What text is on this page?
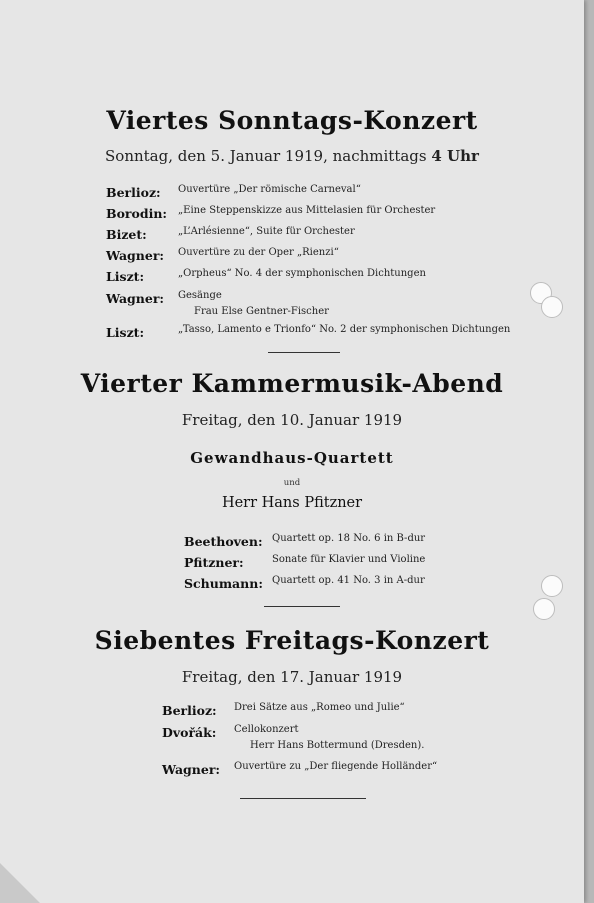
Viertes Sonntags-Konzert
Sonntag, den 5. Januar 1919, nachmittags 4 Uhr
Berlioz: Ouvertüre „Der römische Carneval“
Borodin: „Eine Steppenskizze aus Mittelasien für Orchester
Bizet:	„L’Arlésienne“, Suite für Orchester
Wagner: Ouvertüre zu der Oper „Rienzi“
Liszt:	„Orpheus“ No. 4 der symphonischen Dichtungen
Wagner: Gesänge
Frau Else Gentner-Fischer
Liszt:	„Tasso, Lamento e Trionfo“ No. 2 der symphonischen Dichtungen
Vierter Kammermusik-Abend
Freitag, den 10. Januar 1919
Gewandhaus-Quartett
und
Herr Hans Pfitzner
Beethoven: Quartett op. 18 No. 6 in B-dur
Pfitzner:	Sonate für Klavier und Violine
Schumann: Quartett op. 41 No. 3 in A-dur
Siebentes Freitags-Konzert
Freitag, den 17. Januar 1919
Berlioz: Drei Sätze aus „Romeo und Julie“
Dvořák: Cellokonzert
Herr Hans Bottermund (Dresden).
Wagner: Ouvertüre zu „Der fliegende Holländer“
